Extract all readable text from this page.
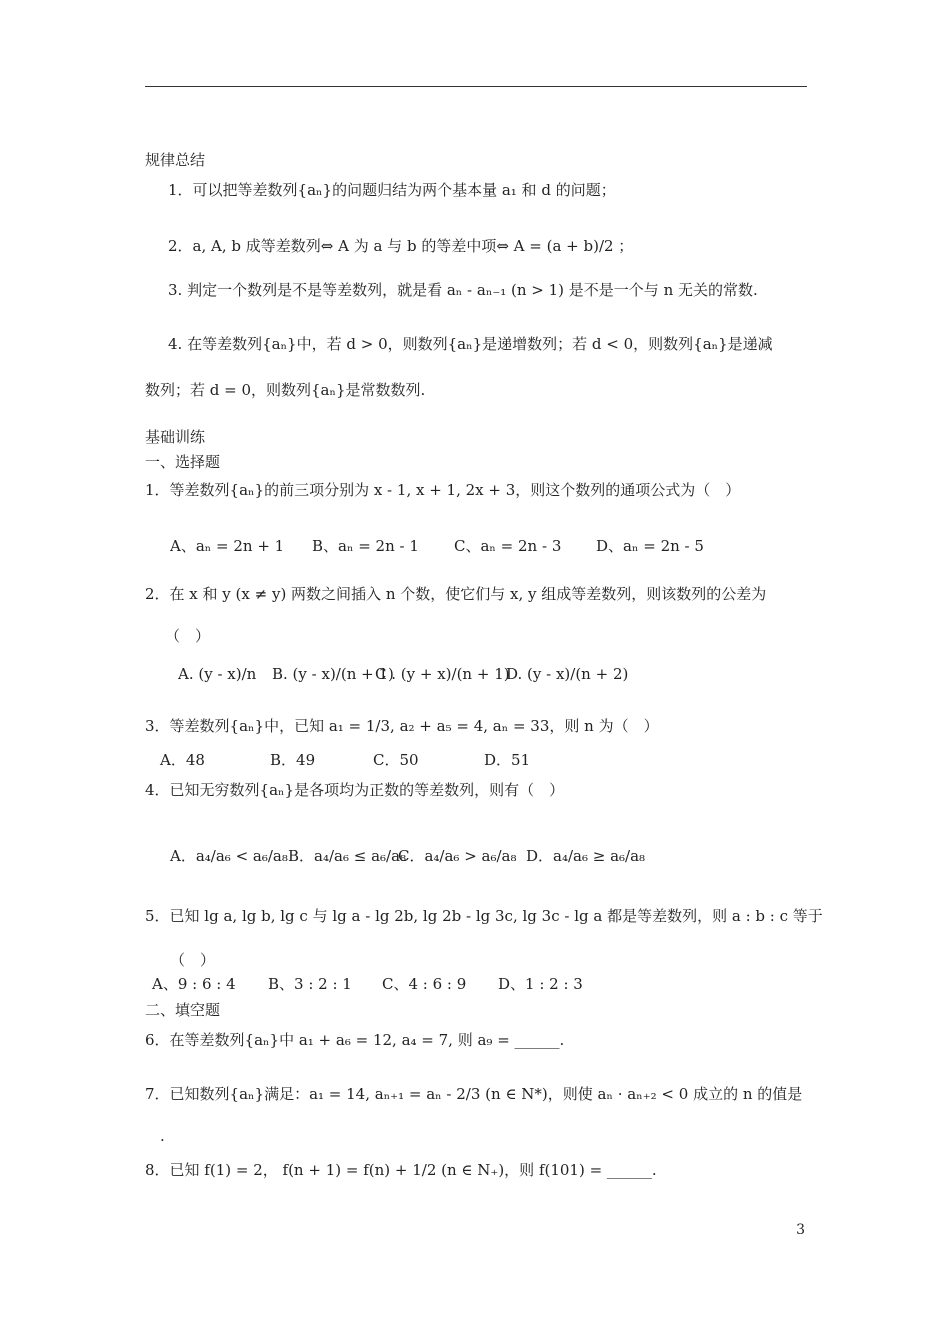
规律总结
1．可以把等差数列{aₙ}的问题归结为两个基本量 a₁ 和 d 的问题；
2．a, A, b 成等差数列⇔ A 为 a 与 b 的等差中项⇔ A = (a + b)/2 ；
3. 判定一个数列是不是等差数列，就是看 aₙ - aₙ₋₁ (n > 1) 是不是一个与 n 无关的常数.
4. 在等差数列{aₙ}中，若 d > 0，则数列{aₙ}是递增数列；若 d < 0，则数列{aₙ}是递减
数列；若 d = 0，则数列{aₙ}是常数数列.
基础训练
一、选择题
1．等差数列{aₙ}的前三项分别为 x - 1, x + 1, 2x + 3，则这个数列的通项公式为（　）
A、aₙ = 2n + 1 B、aₙ = 2n - 1 C、aₙ = 2n - 3 D、aₙ = 2n - 5
2．在 x 和 y (x ≠ y) 两数之间插入 n 个数，使它们与 x, y 组成等差数列，则该数列的公差为
（　）
A. (y - x)/n B. (y - x)/(n + 1)
C . (y + x)/(n + 1)
D. (y - x)/(n + 2)
3．等差数列{aₙ}中，已知 a₁ = 1/3, a₂ + a₅ = 4, aₙ = 33，则 n 为（　）
A．48	B．49	C．50	D．51
4．已知无穷数列{aₙ}是各项均为正数的等差数列，则有（　）
A．a₄/a₆ < a₆/a₈ B．a₄/a₆ ≤ a₆/a₈
C．a₄/a₆ > a₆/a₈ D．a₄/a₆ ≥ a₆/a₈
5．已知 lg a, lg b, lg c 与 lg a - lg 2b, lg 2b - lg 3c, lg 3c - lg a 都是等差数列，则 a : b : c 等于
（　）
A、9 : 6 : 4 B、3 : 2 : 1 C、4 : 6 : 9 D、1 : 2 : 3
二、填空题
6．在等差数列{aₙ}中 a₁ + a₆ = 12, a₄ = 7, 则 a₉ = ______.
7．已知数列{aₙ}满足：a₁ = 14, aₙ₊₁ = aₙ - 2/3 (n ∈ N*)，则使 aₙ · aₙ₊₂ < 0 成立的 n 的值是
.
8．已知 f(1) = 2， f(n + 1) = f(n) + 1/2 (n ∈ N₊)，则 f(101) = ______.
3
